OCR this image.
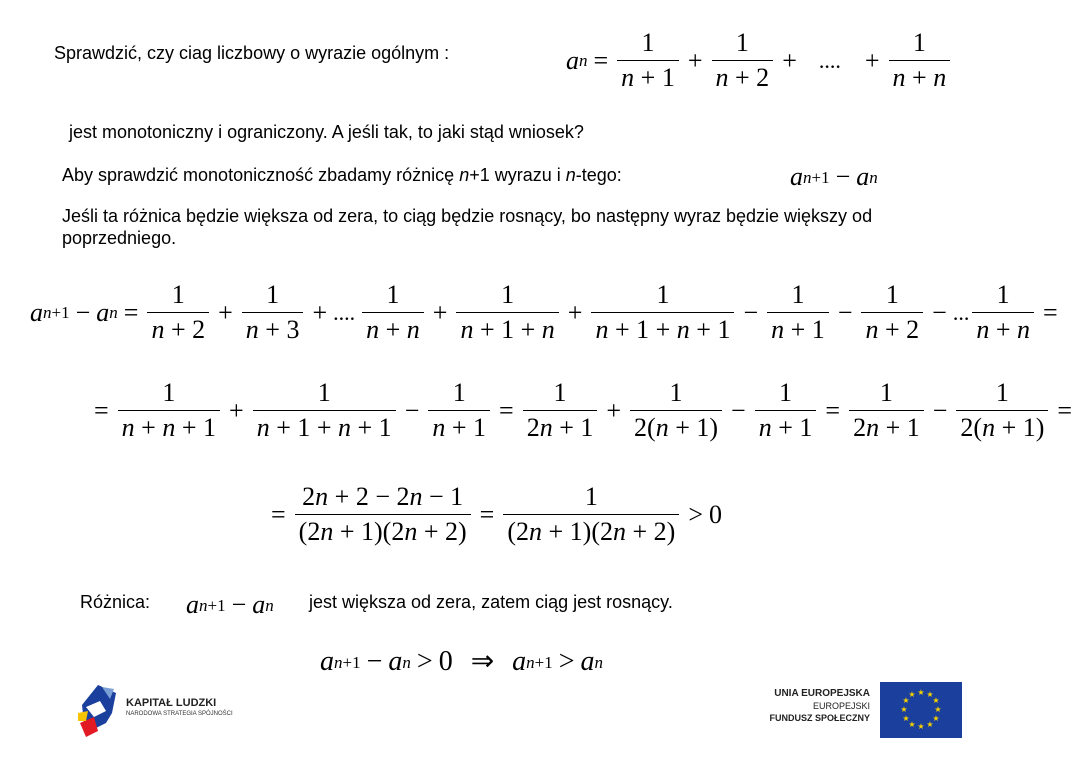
Sprawdzić, czy ciag liczbowy o wyrazie ogólnym :	a $n = \frac{1}{n + 1} + \frac{1}{n + 2}$ + .... + $\frac{1}{n + n}$
jest monotoniczny i ograniczony. A jeśli tak, to jaki stąd wniosek?
Aby sprawdzić monotoniczność zbadamy różnicę n+1 wyrazu i n-tego:	a n+1 − a n
Jeśli ta różnica będzie większa od zera, to ciąg będzie rosnący, bo następny wyraz będzie większy od poprzedniego.
a n+1 − a $n = \frac{1}{n + 2} + \frac{1}{n + 3}$ + .... $\frac{1}{n + n} + \frac{1}{n + 1 + n} + \frac{1}{n + 1 + n + 1} - \frac{1}{n + 1} - \frac{1}{n + 2}$ − ... $\frac{1}{n + n}$ =
= $\frac{1}{n + n + 1} + \frac{1}{n + 1 + n + 1} - \frac{1}{n + 1} = \frac{1}{2n + 1} + \frac{1}{2(n + 1)} - \frac{1}{n + 1} = \frac{1}{2n + 1} - \frac{1}{2(n + 1)}$ =
= $\frac{2n + 2 - 2n - 1}{(2n + 1)(2n + 2)} = \frac{1}{(2n + 1)(2n + 2)} > 0$
Różnica: a n+1 − a n jest większa od zera, zatem ciąg jest rosnący.
a n+1 − a n > 0 ⇒ a n+1 > a n
KAPITAŁ LUDZKI
NARODOWA STRATEGIA SPÓJNOŚCI
UNIA EUROPEJSKA
EUROPEJSKI
FUNDUSZ SPOŁECZNY
★ ★
★
★
★
★
★
★
★
★
★
★
